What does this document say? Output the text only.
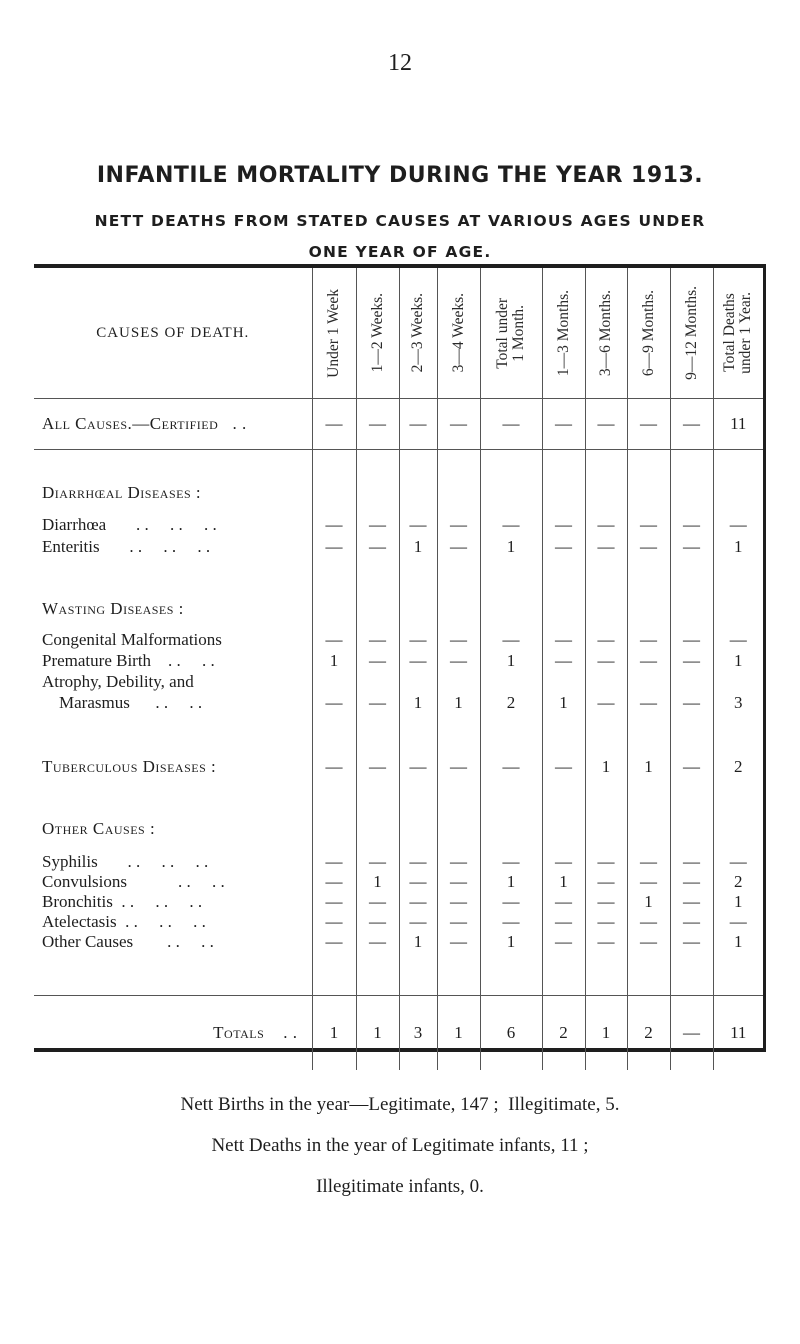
12
INFANTILE MORTALITY DURING THE YEAR 1913.
NETT DEATHS FROM STATED CAUSES AT VARIOUS AGES UNDER
ONE YEAR OF AGE.
CAUSES OF DEATH.	Under 1 Week	1—2 Weeks.	2—3 Weeks.	3—4 Weeks.	Total under
1 Month.	1—3 Months.	3—6 Months.	6—9 Months.	9—12 Months.	Total Deaths
under 1 Year.

All Causes.—Certified   . .	—	—	—	—	—	—	—	—	—	11

Diarrhœal Diseases :										

Diarrhœa       . .     . .     . .	—	—	—	—	—	—	—	—	—	—
Enteritis       . .     . .     . .	—	—	1	—	1	—	—	—	—	1

Wasting Diseases :										

Congenital Malformations	—	—	—	—	—	—	—	—	—	—
Premature Birth    . .     . .	1	—	—	—	1	—	—	—	—	1
Atrophy, Debility, and										
Marasmus      . .     . .	—	—	1	1	2	1	—	—	—	3

Tuberculous Diseases :	—	—	—	—	—	—	1	1	—	2

Other Causes :										

Syphilis       . .     . .     . .	—	—	—	—	—	—	—	—	—	—
Convulsions            . .     . .	—	1	—	—	1	1	—	—	—	2
Bronchitis  . .     . .     . .	—	—	—	—	—	—	—	1	—	1
Atelectasis  . .     . .     . .	—	—	—	—	—	—	—	—	—	—
Other Causes        . .     . .	—	—	1	—	1	—	—	—	—	1

Totals    . .	1	1	3	1	6	2	1	2	—	11
Nett Births in the year—Legitimate, 147 ;  Illegitimate, 5.
Nett Deaths in the year of Legitimate infants, 11 ;
Illegitimate infants, 0.
